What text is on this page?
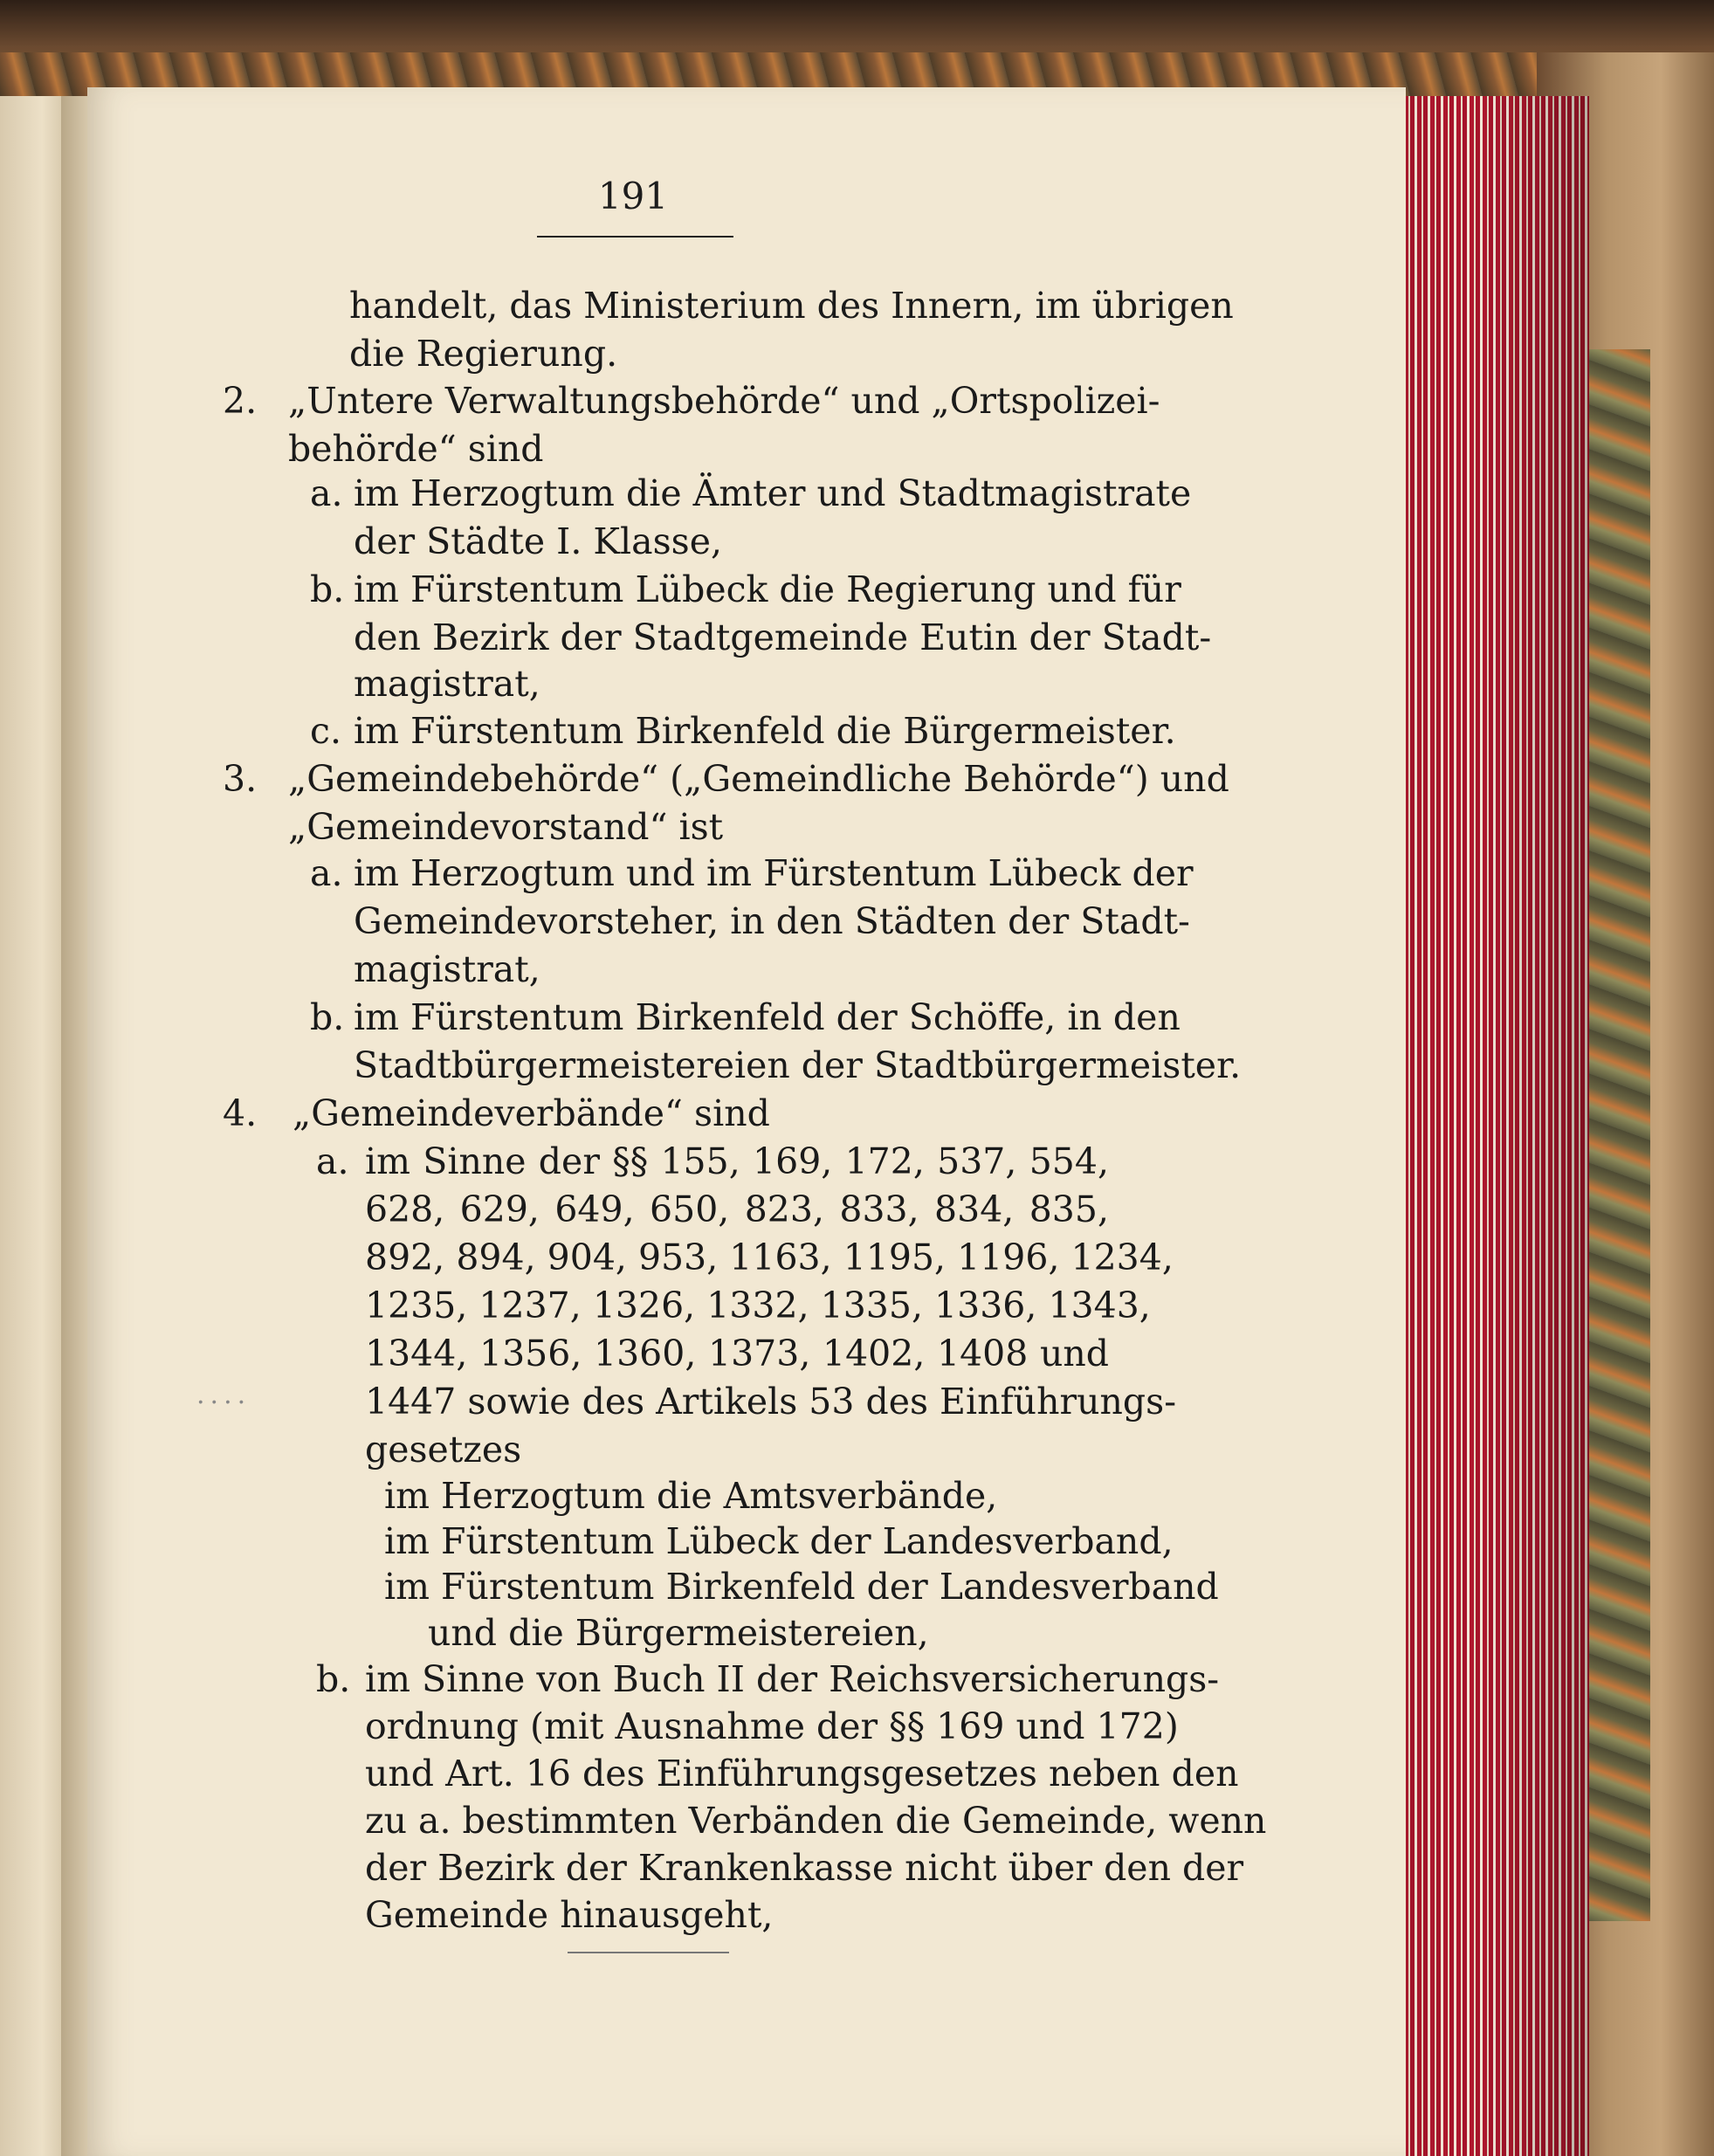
191
2.
a.
b.
c.
3.
a.
b.
4.
a.
b.
handelt, das Ministerium des Innern, im übrigen
die Regierung.
„Untere Verwaltungsbehörde“ und „Ortspolizei-
behörde“ sind
im Herzogtum die Ämter und Stadtmagistrate
der Städte I. Klasse,
im Fürstentum Lübeck die Regierung und für
den Bezirk der Stadtgemeinde Eutin der Stadt-
magistrat,
im Fürstentum Birkenfeld die Bürgermeister.
„Gemeindebehörde“ („Gemeindliche Behörde“) und
„Gemeindevorstand“ ist
im Herzogtum und im Fürstentum Lübeck der
Gemeindevorsteher, in den Städten der Stadt-
magistrat,
im Fürstentum Birkenfeld der Schöffe, in den
Stadtbürgermeistereien der Stadtbürgermeister.
„Gemeindeverbände“ sind
im Sinne der §§ 155, 169, 172, 537, 554,
628, 629, 649, 650, 823, 833, 834, 835,
892, 894, 904, 953, 1163, 1195, 1196, 1234,
1235, 1237, 1326, 1332, 1335, 1336, 1343,
1344, 1356, 1360, 1373, 1402, 1408 und
....	1447 sowie des Artikels 53 des Einführungs-
gesetzes
im Herzogtum die Amtsverbände,
im Fürstentum Lübeck der Landesverband,
im Fürstentum Birkenfeld der Landesverband
und die Bürgermeistereien,
im Sinne von Buch II der Reichsversicherungs-
ordnung (mit Ausnahme der §§ 169 und 172)
und Art. 16 des Einführungsgesetzes neben den
zu a. bestimmten Verbänden die Gemeinde, wenn
der Bezirk der Krankenkasse nicht über den der
Gemeinde hinausgeht,
